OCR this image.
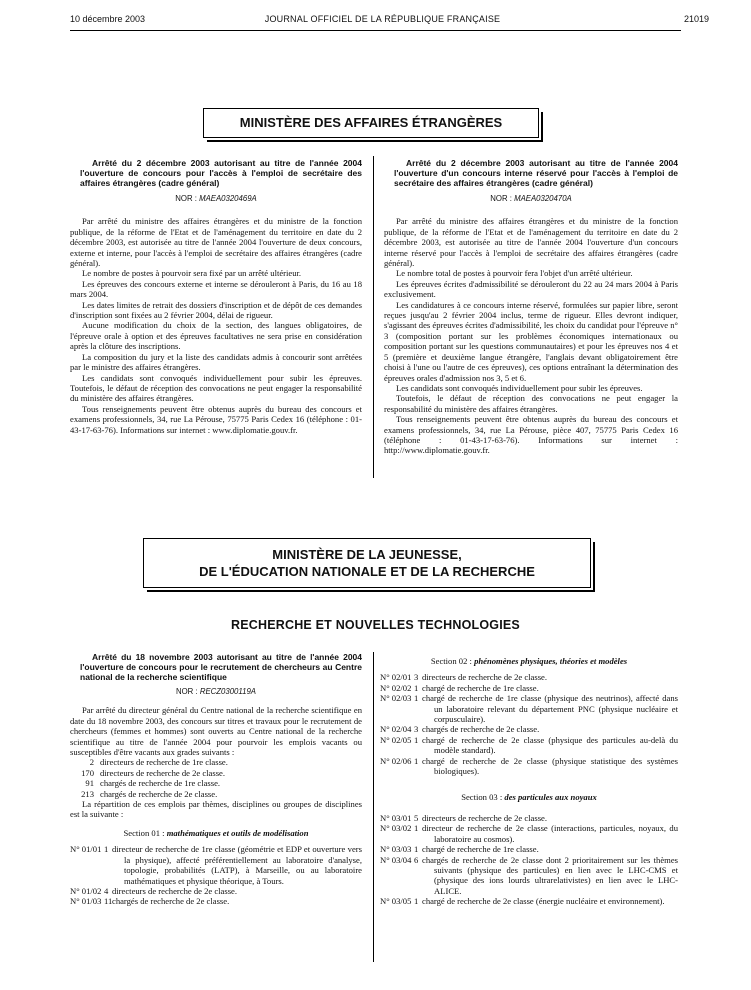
10 décembre 2003	JOURNAL OFFICIEL DE LA RÉPUBLIQUE FRANÇAISE	21019
MINISTÈRE DES AFFAIRES ÉTRANGÈRES

Arrêté du 2 décembre 2003 autorisant au titre de l'année 2004 l'ouverture de concours pour l'accès à l'emploi de secrétaire des affaires étrangères (cadre général)

NOR : MAEA0320469A

Par arrêté du ministre des affaires étrangères et du ministre de la fonction publique, de la réforme de l'Etat et de l'aménagement du territoire en date du 2 décembre 2003, est autorisée au titre de l'année 2004 l'ouverture de deux concours, externe et interne, pour l'accès à l'emploi de secrétaire des affaires étrangères (cadre général).

Le nombre de postes à pourvoir sera fixé par un arrêté ultérieur.

Les épreuves des concours externe et interne se dérouleront à Paris, du 16 au 18 mars 2004.

Les dates limites de retrait des dossiers d'inscription et de dépôt de ces demandes d'inscription sont fixées au 2 février 2004, délai de rigueur.

Aucune modification du choix de la section, des langues obligatoires, de l'épreuve orale à option et des épreuves facultatives ne sera prise en considération après la clôture des inscriptions.

La composition du jury et la liste des candidats admis à concourir sont arrêtées par le ministre des affaires étrangères.

Les candidats sont convoqués individuellement pour subir les épreuves. Toutefois, le défaut de réception des convocations ne peut engager la responsabilité du ministère des affaires étrangères.

Tous renseignements peuvent être obtenus auprès du bureau des concours et examens professionnels, 34, rue La Pérouse, 75775 Paris Cedex 16 (téléphone : 01-43-17-63-76). Informations sur internet : www.diplomatie.gouv.fr.

Arrêté du 2 décembre 2003 autorisant au titre de l'année 2004 l'ouverture d'un concours interne réservé pour l'accès à l'emploi de secrétaire des affaires étrangères (cadre général)

NOR : MAEA0320470A

Par arrêté du ministre des affaires étrangères et du ministre de la fonction publique, de la réforme de l'Etat et de l'aménagement du territoire en date du 2 décembre 2003, est autorisée au titre de l'année 2004 l'ouverture d'un concours interne réservé pour l'accès à l'emploi de secrétaire des affaires étrangères (cadre général).

Le nombre total de postes à pourvoir fera l'objet d'un arrêté ultérieur.

Les épreuves écrites d'admissibilité se dérouleront du 22 au 24 mars 2004 à Paris exclusivement.

Les candidatures à ce concours interne réservé, formulées sur papier libre, seront reçues jusqu'au 2 février 2004 inclus, terme de rigueur. Elles devront indiquer, s'agissant des épreuves écrites d'admissibilité, les choix du candidat pour l'épreuve n° 3 (composition portant sur les problèmes économiques internationaux ou composition portant sur les questions communautaires) et pour les épreuves nos 4 et 5 (première et deuxième langue étrangère, l'anglais devant obligatoirement être choisi à l'une ou l'autre de ces épreuves), ces options entraînant la détermination des épreuves orales d'admission nos 3, 5 et 6.

Les candidats sont convoqués individuellement pour subir les épreuves.

Toutefois, le défaut de réception des convocations ne peut engager la responsabilité du ministère des affaires étrangères.

Tous renseignements peuvent être obtenus auprès du bureau des concours et examens professionnels, 34, rue La Pérouse, pièce 407, 75775 Paris Cedex 16 (téléphone : 01-43-17-63-76). Informations sur internet : http://www.diplomatie.gouv.fr.

MINISTÈRE DE LA JEUNESSE,
DE L'ÉDUCATION NATIONALE ET DE LA RECHERCHE
RECHERCHE ET NOUVELLES TECHNOLOGIES

Arrêté du 18 novembre 2003 autorisant au titre de l'année 2004 l'ouverture de concours pour le recrutement de chercheurs au Centre national de la recherche scientifique

NOR : RECZ0300119A

Par arrêté du directeur général du Centre national de la recherche scientifique en date du 18 novembre 2003, des concours sur titres et travaux pour le recrutement de chercheurs (femmes et hommes) sont ouverts au Centre national de la recherche scientifique au titre de l'année 2004 pour pourvoir les emplois vacants ou susceptibles d'être vacants aux grades suivants :

2 directeurs de recherche de 1re classe.
170 directeurs de recherche de 2e classe.
91 chargés de recherche de 1re classe.
213 chargés de recherche de 2e classe.

La répartition de ces emplois par thèmes, disciplines ou groupes de disciplines est la suivante :

Section 01 : mathématiques et outils de modélisation
N° 01/01 1 directeur de recherche de 1re classe (géométrie et EDP et ouverture vers la physique), affecté préférentiellement au laboratoire d'analyse, topologie, probabilités (LATP), à Marseille, ou au laboratoire mathématiques et physique théorique, à Tours.
N° 01/02 4 directeurs de recherche de 2e classe.
N° 01/03 11 chargés de recherche de 2e classe.
Section 02 : phénomènes physiques, théories et modèles
N° 02/01 3 directeurs de recherche de 2e classe.
N° 02/02 1 chargé de recherche de 1re classe.
N° 02/03 1 chargé de recherche de 1re classe (physique des neutrinos), affecté dans un laboratoire relevant du département PNC (physique nucléaire et corpusculaire).
N° 02/04 3 chargés de recherche de 2e classe.
N° 02/05 1 chargé de recherche de 2e classe (physique des particules au-delà du modèle standard).
N° 02/06 1 chargé de recherche de 2e classe (physique statistique des systèmes biologiques).
Section 03 : des particules aux noyaux
N° 03/01 5 directeurs de recherche de 2e classe.
N° 03/02 1 directeur de recherche de 2e classe (interactions, particules, noyaux, du laboratoire au cosmos).
N° 03/03 1 chargé de recherche de 1re classe.
N° 03/04 6 chargés de recherche de 2e classe dont 2 prioritairement sur les thèmes suivants (physique des particules) en lien avec le LHC-CMS et (physique des ions lourds ultrarelativistes) en lien avec le LHC-ALICE.
N° 03/05 1 chargé de recherche de 2e classe (énergie nucléaire et environnement).
